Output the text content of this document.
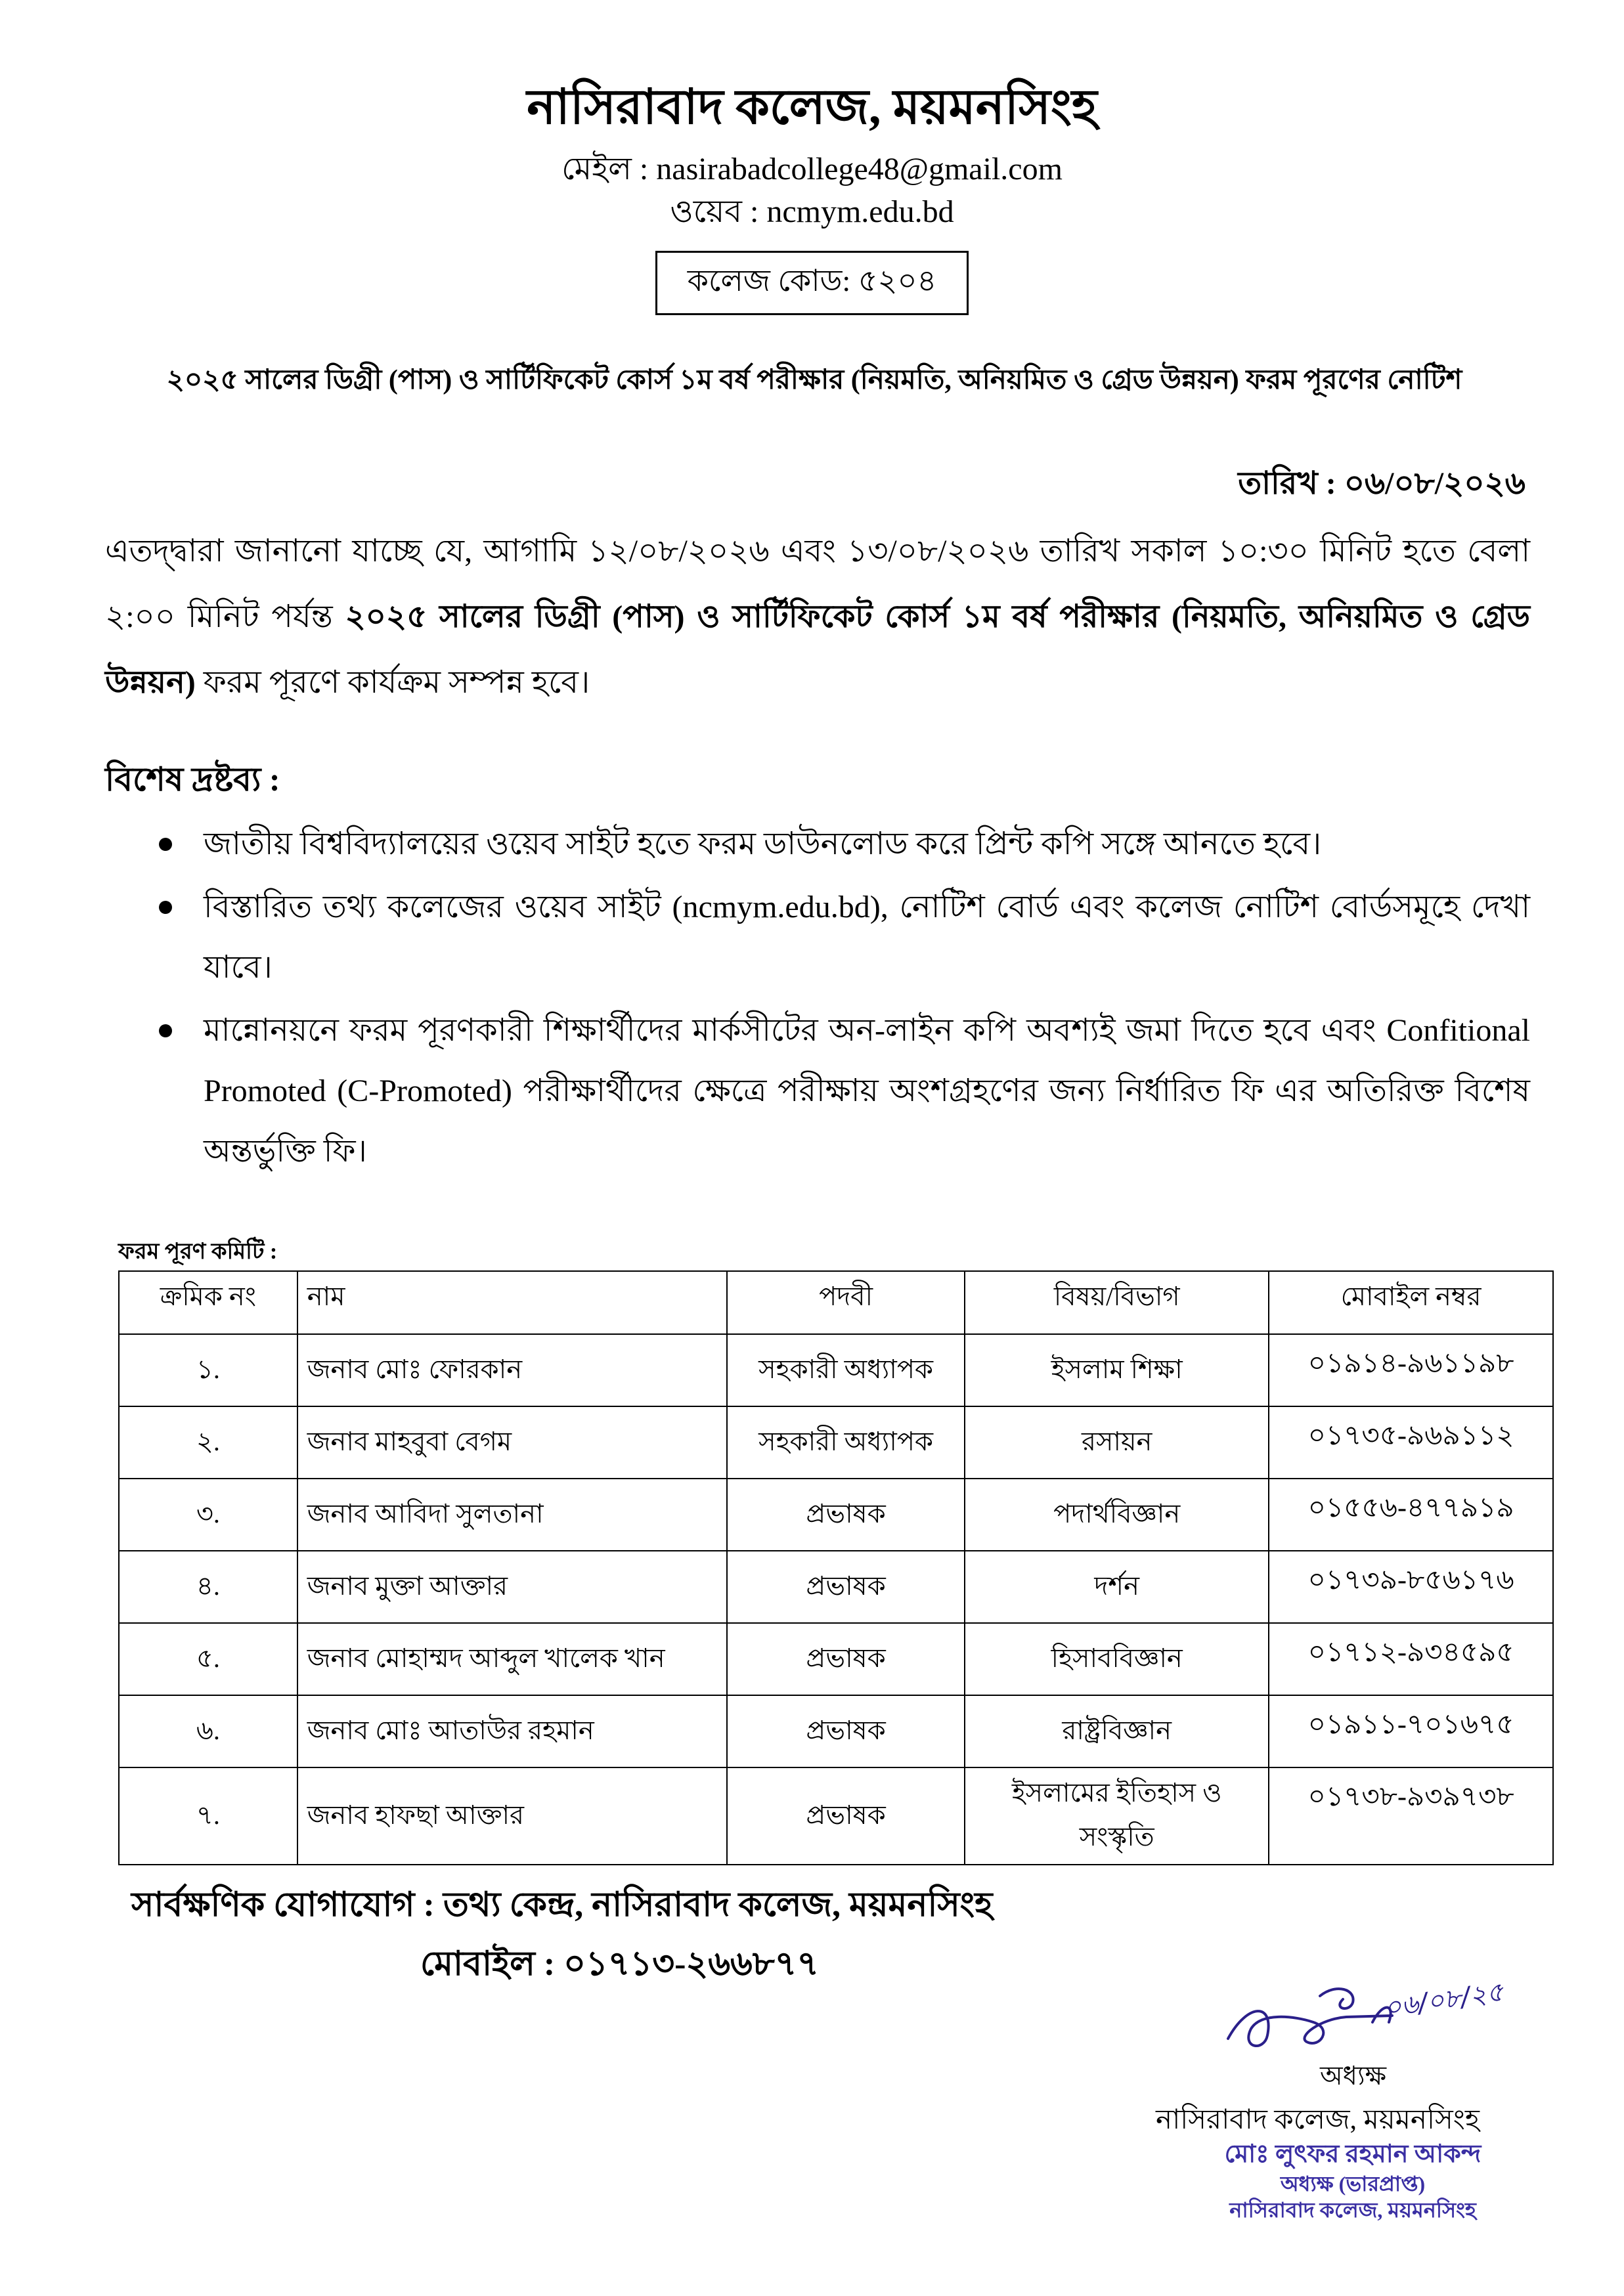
নাসিরাবাদ কলেজ, ময়মনসিংহ
মেইল : nasirabadcollege48@gmail.com
ওয়েব : ncmym.edu.bd
কলেজ কোড: ৫২০৪
২০২৫ সালের ডিগ্রী (পাস) ও সার্টিফিকেট কোর্স ১ম বর্ষ পরীক্ষার (নিয়মতি, অনিয়মিত ও গ্রেড উন্নয়ন) ফরম পূরণের নোটিশ
তারিখ : ০৬/০৮/২০২৬
এতদ্দ্বারা জানানো যাচ্ছে যে, আগামি ১২/০৮/২০২৬ এবং ১৩/০৮/২০২৬ তারিখ সকাল ১০:৩০ মিনিট হতে বেলা ২:০০ মিনিট পর্যন্ত ২০২৫ সালের ডিগ্রী (পাস) ও সার্টিফিকেট কোর্স ১ম বর্ষ পরীক্ষার (নিয়মতি, অনিয়মিত ও গ্রেড উন্নয়ন) ফরম পূরণে কার্যক্রম সম্পন্ন হবে।
বিশেষ দ্রষ্টব্য :
জাতীয় বিশ্ববিদ্যালয়ের ওয়েব সাইট হতে ফরম ডাউনলোড করে প্রিন্ট কপি সঙ্গে আনতে হবে।
বিস্তারিত তথ্য কলেজের ওয়েব সাইট (ncmym.edu.bd), নোটিশ বোর্ড এবং কলেজ নোটিশ বোর্ডসমূহে দেখা যাবে।
মান্নোনয়নে ফরম পূরণকারী শিক্ষার্থীদের মার্কসীটের অন-লাইন কপি অবশ্যই জমা দিতে হবে এবং Confitional Promoted (C-Promoted) পরীক্ষার্থীদের ক্ষেত্রে পরীক্ষায় অংশগ্রহণের জন্য নির্ধারিত ফি এর অতিরিক্ত বিশেষ অন্তর্ভুক্তি ফি।
ফরম পূরণ কমিটি :
ক্রমিক নং	নাম	পদবী	বিষয়/বিভাগ	মোবাইল নম্বর
১.	জনাব মোঃ ফোরকান	সহকারী অধ্যাপক	ইসলাম শিক্ষা	০১৯১৪-৯৬১১৯৮
২.	জনাব মাহবুবা বেগম	সহকারী অধ্যাপক	রসায়ন	০১৭৩৫-৯৬৯১১২
৩.	জনাব আবিদা সুলতানা	প্রভাষক	পদার্থবিজ্ঞান	০১৫৫৬-৪৭৭৯১৯
৪.	জনাব মুক্তা আক্তার	প্রভাষক	দর্শন	০১৭৩৯-৮৫৬১৭৬
৫.	জনাব মোহাম্মদ আব্দুল খালেক খান	প্রভাষক	হিসাববিজ্ঞান	০১৭১২-৯৩৪৫৯৫
৬.	জনাব মোঃ আতাউর রহমান	প্রভাষক	রাষ্ট্রবিজ্ঞান	০১৯১১-৭০১৬৭৫
৭.	জনাব হাফছা আক্তার	প্রভাষক	ইসলামের ইতিহাস ও সংস্কৃতি	০১৭৩৮-৯৩৯৭৩৮
সার্বক্ষণিক যোগাযোগ : তথ্য কেন্দ্র, নাসিরাবাদ কলেজ, ময়মনসিংহ
মোবাইল : ০১৭১৩-২৬৬৮৭৭
০৬/০৮/২৫
অধ্যক্ষ
নাসিরাবাদ কলেজ, ময়মনসিংহ
মোঃ লুৎফর রহমান আকন্দ
অধ্যক্ষ (ভারপ্রাপ্ত)
নাসিরাবাদ কলেজ, ময়মনসিংহ
